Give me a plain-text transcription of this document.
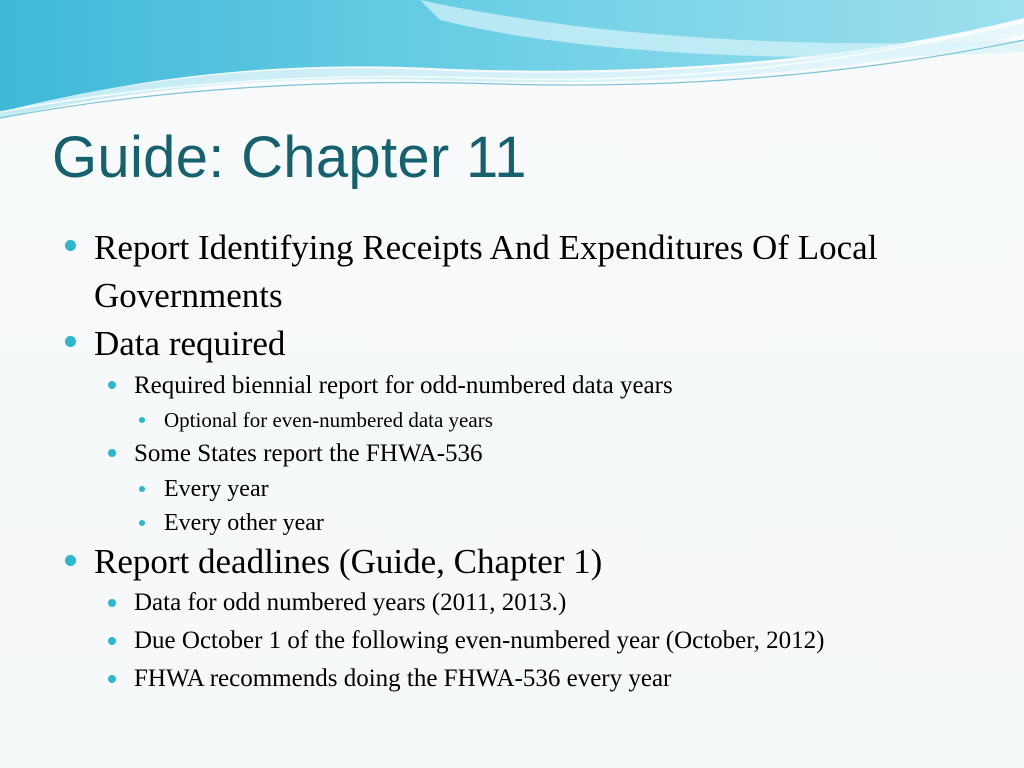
Guide: Chapter 11
Report Identifying Receipts And Expenditures Of Local Governments
Data required
Required biennial report for odd-numbered data years
Optional for even-numbered data years
Some States report the FHWA-536
Every year
Every other year
Report deadlines (Guide, Chapter 1)
Data for odd numbered years (2011, 2013.)
Due October 1 of the following even-numbered year (October, 2012)
FHWA recommends doing the FHWA-536 every year
